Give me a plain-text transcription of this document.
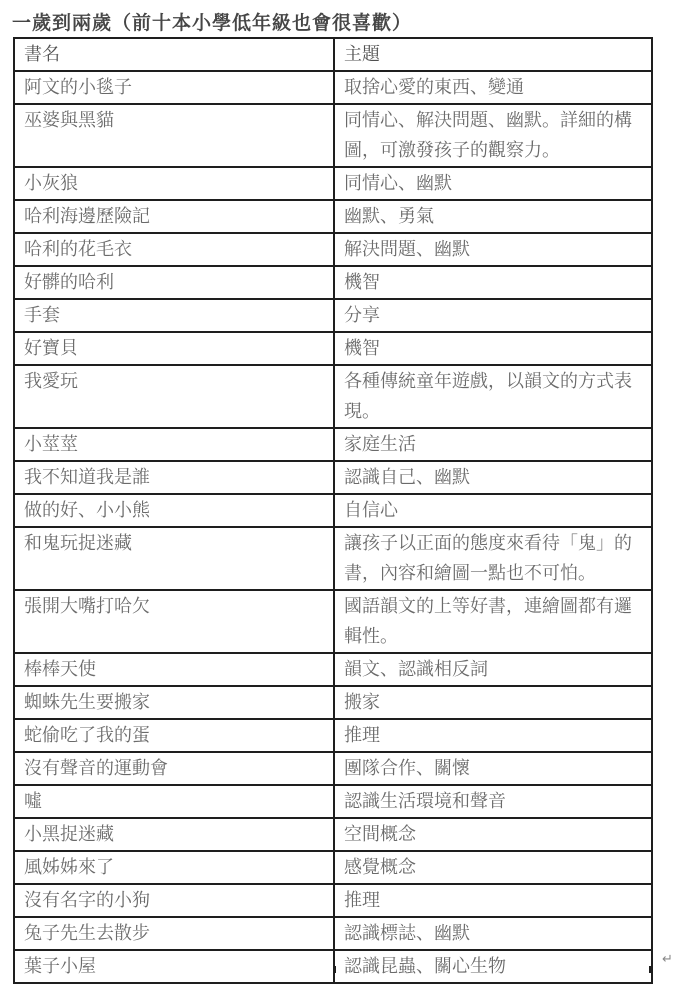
一歲到兩歲（前十本小學低年級也會很喜歡）
書名	主題
阿文的小毯子	取捨心愛的東西、變通
巫婆與黑貓	同情心、解決問題、幽默。詳細的構圖，可激發孩子的觀察力。
小灰狼	同情心、幽默
哈利海邊歷險記	幽默、勇氣
哈利的花毛衣	解決問題、幽默
好髒的哈利	機智
手套	分享
好寶貝	機智
我愛玩	各種傳統童年遊戲，以韻文的方式表現。
小莖莖	家庭生活
我不知道我是誰	認識自己、幽默
做的好、小小熊	自信心
和鬼玩捉迷藏	讓孩子以正面的態度來看待「鬼」的書，內容和繪圖一點也不可怕。
張開大嘴打哈欠	國語韻文的上等好書，連繪圖都有邏輯性。
棒棒天使	韻文、認識相反詞
蜘蛛先生要搬家	搬家
蛇偷吃了我的蛋	推理
沒有聲音的運動會	團隊合作、關懷
噓	認識生活環境和聲音
小黑捉迷藏	空間概念
風姊姊來了	感覺概念
沒有名字的小狗	推理
兔子先生去散步	認識標誌、幽默
葉子小屋	認識昆蟲、關心生物	↵
